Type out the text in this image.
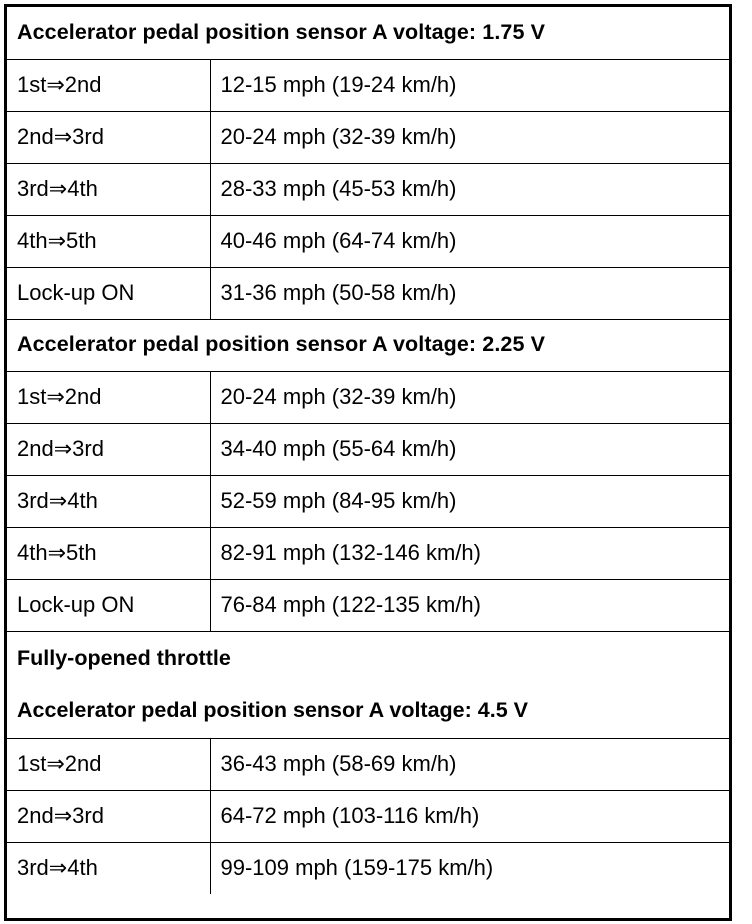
Accelerator pedal position sensor A voltage: 1.75 V	
1st⇒2nd	12-15 mph (19-24 km/h)
2nd⇒3rd	20-24 mph (32-39 km/h)
3rd⇒4th	28-33 mph (45-53 km/h)
4th⇒5th	40-46 mph (64-74 km/h)
Lock-up ON	31-36 mph (50-58 km/h)
Accelerator pedal position sensor A voltage: 2.25 V	
1st⇒2nd	20-24 mph (32-39 km/h)
2nd⇒3rd	34-40 mph (55-64 km/h)
3rd⇒4th	52-59 mph (84-95 km/h)
4th⇒5th	82-91 mph (132-146 km/h)
Lock-up ON	76-84 mph (122-135 km/h)

Fully-opened throttle
Accelerator pedal position sensor A voltage: 4.5 V	

1st⇒2nd	36-43 mph (58-69 km/h)
2nd⇒3rd	64-72 mph (103-116 km/h)
3rd⇒4th	99-109 mph (159-175 km/h)
